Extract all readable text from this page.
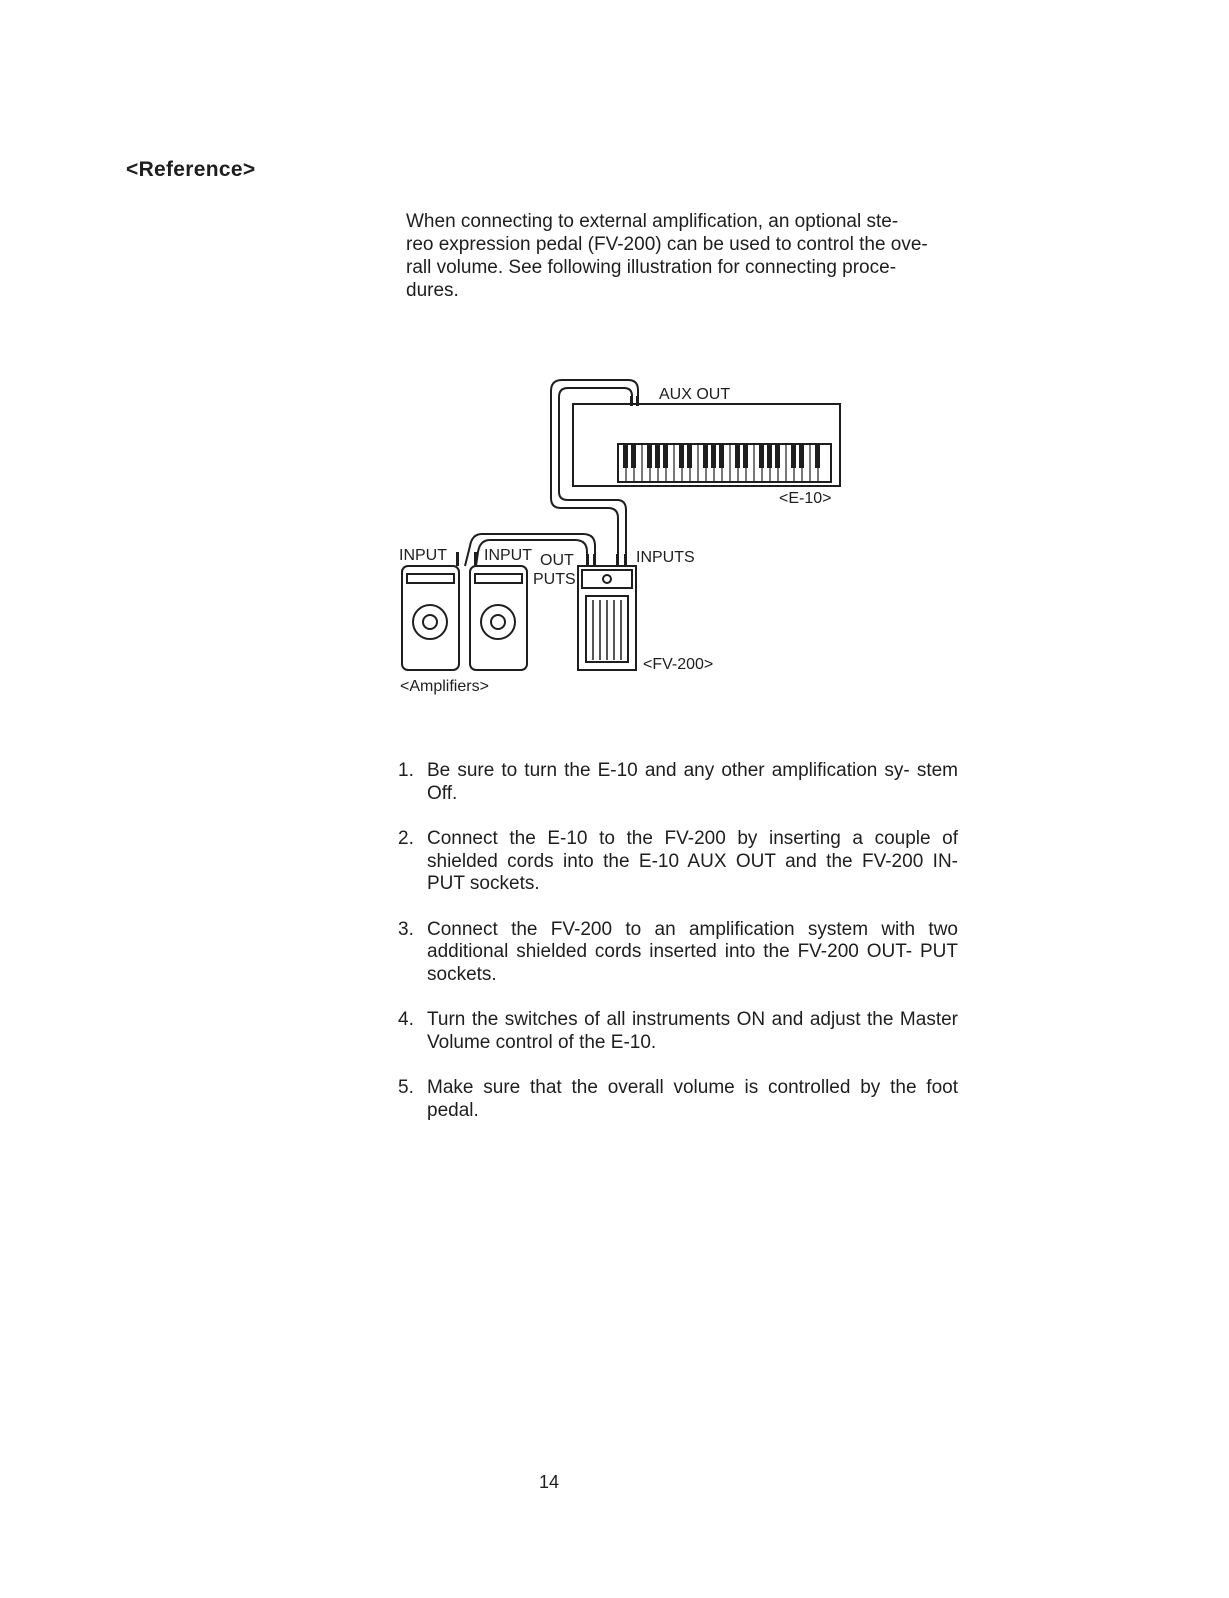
<Reference>

When connecting to external amplification, an optional ste-

reo expression pedal (FV-200) can be used to control the ove-

rall volume. See following illustration for connecting proce-

dures.

AUX OUT
<E-10>
INPUT INPUT OUT
PUTS
INPUTS
<FV-200>
<Amplifiers>
1. Be sure to turn the E-10 and any other amplification sy- stem Off.
2. Connect the E-10 to the FV-200 by inserting a couple of shielded cords into the E-10 AUX OUT and the FV-200 IN- PUT sockets.
3. Connect the FV-200 to an amplification system with two additional shielded cords inserted into the FV-200 OUT- PUT sockets.
4. Turn the switches of all instruments ON and adjust the Master Volume control of the E-10.
5. Make sure that the overall volume is controlled by the foot pedal.
14
